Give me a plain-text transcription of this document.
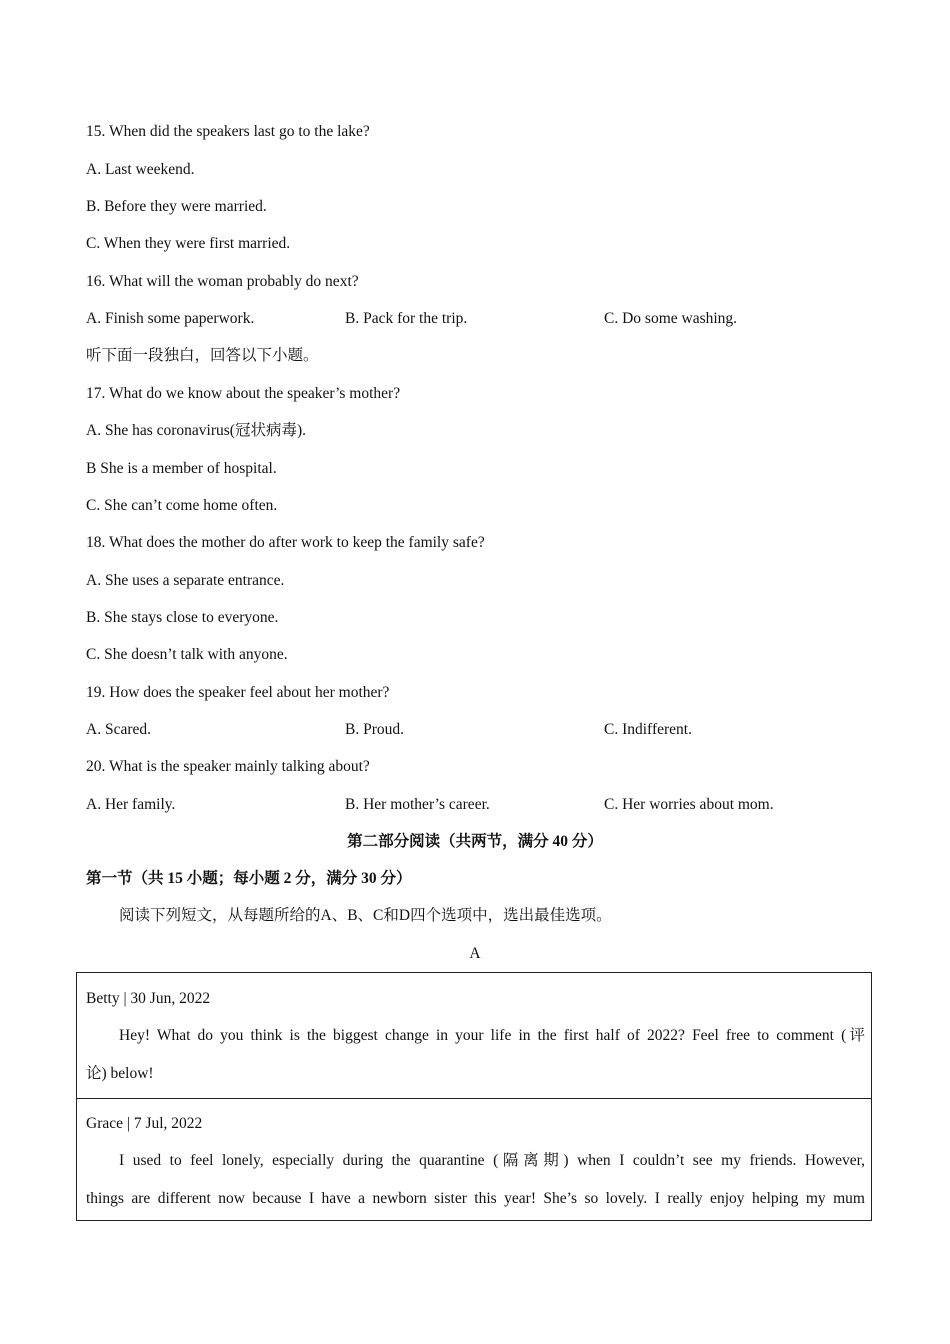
15. When did the speakers last go to the lake?
A. Last weekend.
B. Before they were married.
C. When they were first married.
16. What will the woman probably do next?
A. Finish some paperwork.	B. Pack for the trip.	C. Do some washing.
听下面一段独白，回答以下小题。
17. What do we know about the speaker’s mother?
A. She has coronavirus(冠状病毒).
B She is a member of hospital.
C. She can’t come home often.
18. What does the mother do after work to keep the family safe?
A. She uses a separate entrance.
B. She stays close to everyone.
C. She doesn’t talk with anyone.
19. How does the speaker feel about her mother?
A. Scared.	B. Proud.	C. Indifferent.
20. What is the speaker mainly talking about?
A. Her family.	B. Her mother’s career.	C. Her worries about mom.
第二部分阅读（共两节，满分 40 分）
第一节（共 15 小题；每小题 2 分，满分 30 分）
阅读下列短文，从每题所给的A、B、C和D四个选项中，选出最佳选项。
A
Betty | 30 Jun, 2022
Hey! What do you think is the biggest change in your life in the first half of 2022? Feel free to comment (评
论) below!
Grace | 7 Jul, 2022
I used to feel lonely, especially during the quarantine (隔离期) when I couldn’t see my friends. However,
things are different now because I have a newborn sister this year! She’s so lovely. I really enjoy helping my mum
